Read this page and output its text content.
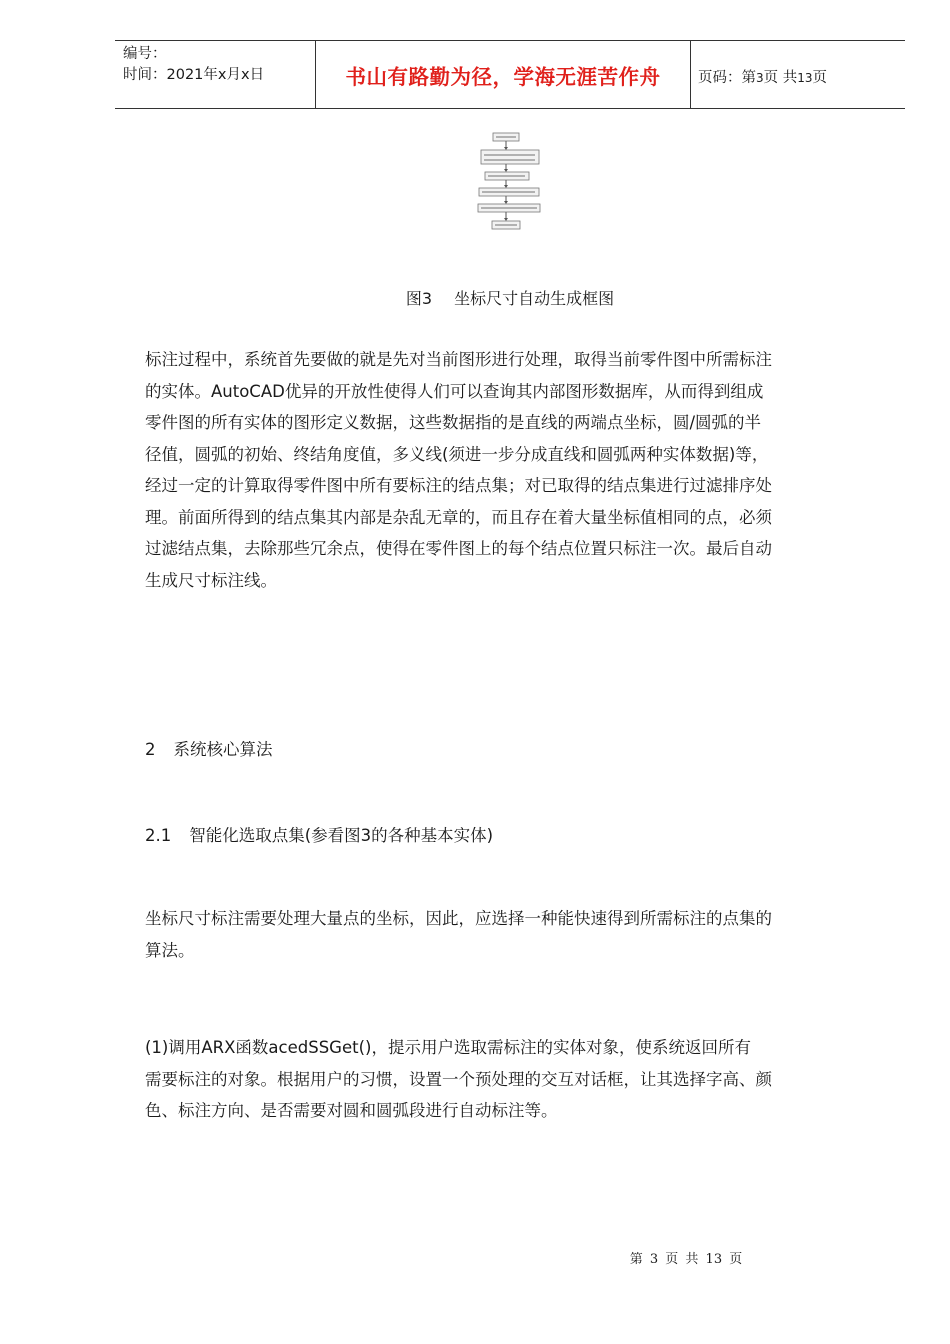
编号：
时间：2021年x月x日	书山有路勤为径，学海无涯苦作舟	页码：第3页 共13页
图3 坐标尺寸自动生成框图
标注过程中，系统首先要做的就是先对当前图形进行处理，取得当前零件图中所需标注
的实体。AutoCAD优异的开放性使得人们可以查询其内部图形数据库，从而得到组成
零件图的所有实体的图形定义数据，这些数据指的是直线的两端点坐标，圆/圆弧的半
径值，圆弧的初始、终结角度值，多义线(须进一步分成直线和圆弧两种实体数据)等，
经过一定的计算取得零件图中所有要标注的结点集；对已取得的结点集进行过滤排序处
理。前面所得到的结点集其内部是杂乱无章的，而且存在着大量坐标值相同的点，必须
过滤结点集，去除那些冗余点，使得在零件图上的每个结点位置只标注一次。最后自动
生成尺寸标注线。
2 系统核心算法
2.1 智能化选取点集(参看图3的各种基本实体)
坐标尺寸标注需要处理大量点的坐标，因此，应选择一种能快速得到所需标注的点集的
算法。
(1)调用ARX函数acedSSGet()，提示用户选取需标注的实体对象，使系统返回所有
需要标注的对象。根据用户的习惯，设置一个预处理的交互对话框，让其选择字高、颜
色、标注方向、是否需要对圆和圆弧段进行自动标注等。
第 3 页 共 13 页
